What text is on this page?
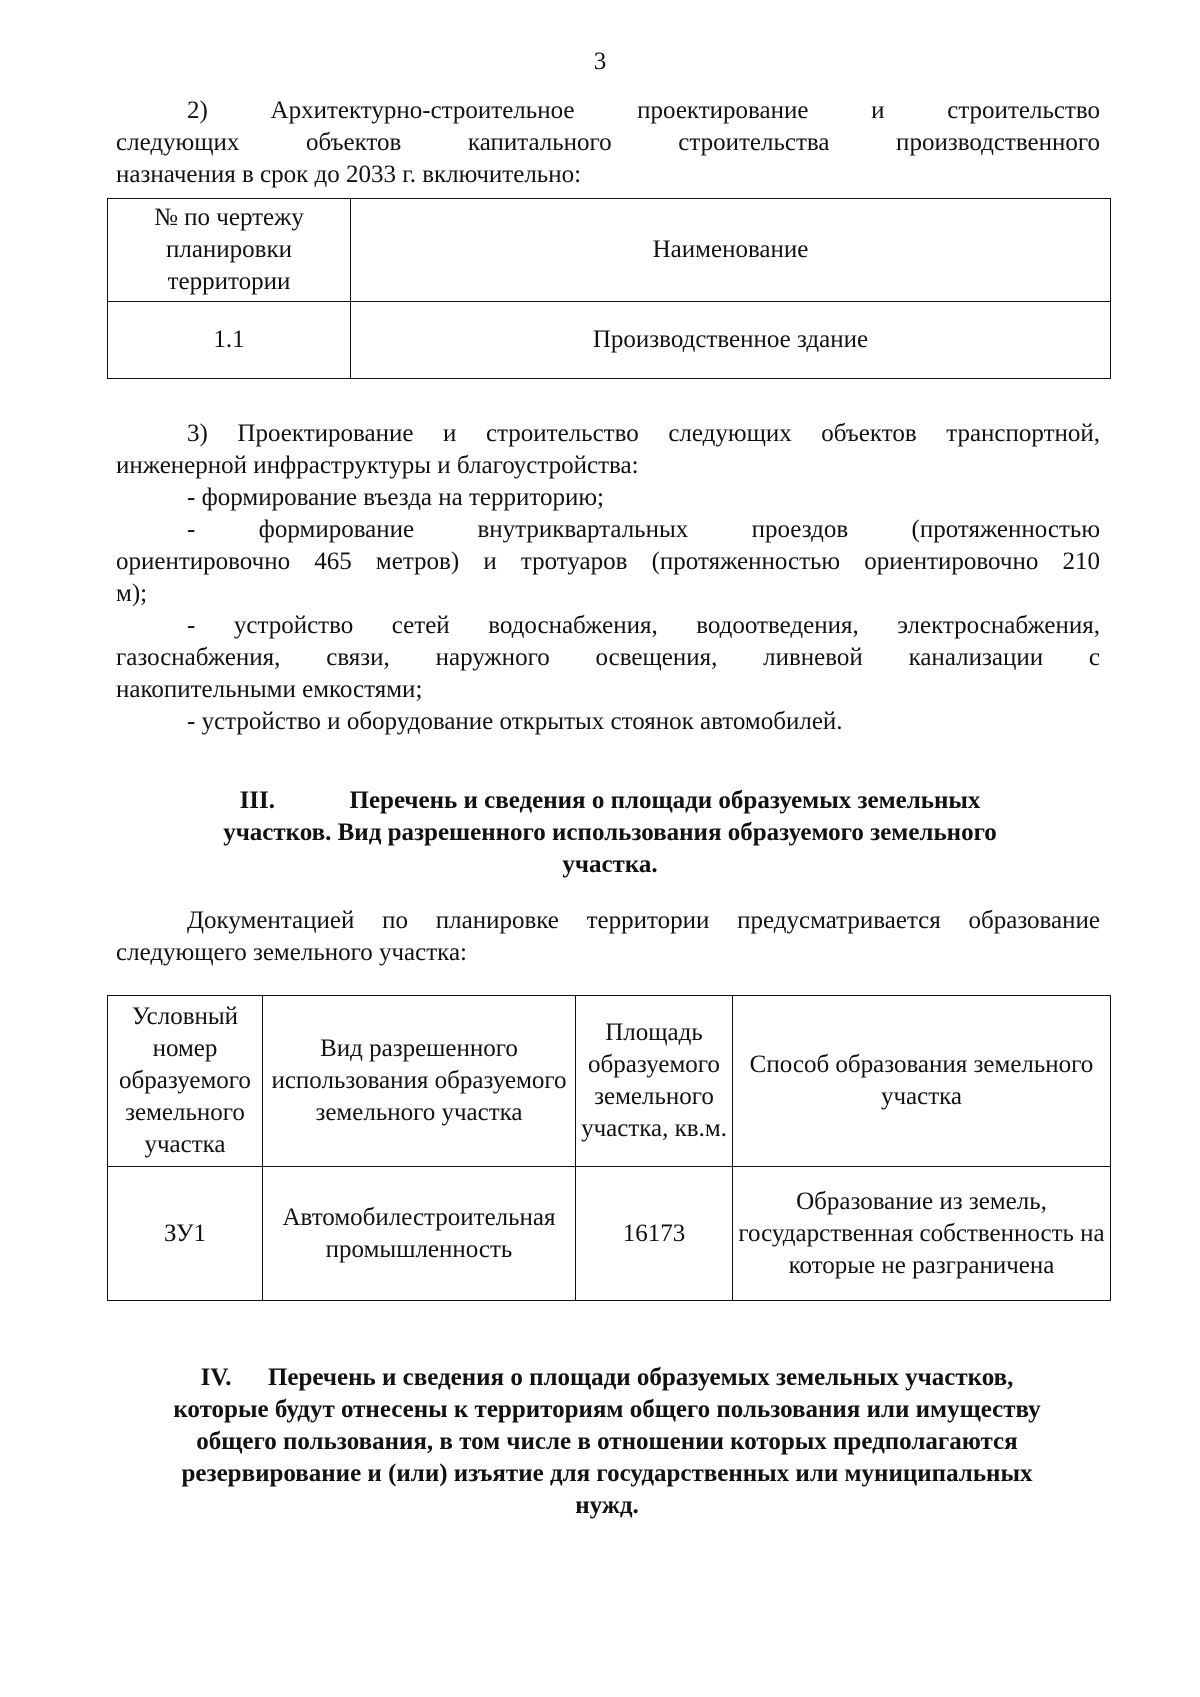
3
2) Архитектурно-строительное проектирование и строительство
следующих объектов капитального строительства производственного
назначения в срок до 2033 г. включительно:
№ по чертежу планировки территории	Наименование
1.1	Производственное здание
3) Проектирование и строительство следующих объектов транспортной,
инженерной инфраструктуры и благоустройства:
- формирование въезда на территорию;
- формирование внутриквартальных проездов (протяженностью
ориентировочно 465 метров) и тротуаров (протяженностью ориентировочно 210
м);
- устройство сетей водоснабжения, водоотведения, электроснабжения,
газоснабжения, связи, наружного освещения, ливневой канализации с
накопительными емкостями;
- устройство и оборудование открытых стоянок автомобилей.
III.	Перечень и сведения о площади образуемых земельных
участков. Вид разрешенного использования образуемого земельного
участка.
Документацией по планировке территории предусматривается образование
следующего земельного участка:
Условный номер образуемого земельного участка	Вид разрешенного использования образуемого земельного участка	Площадь образуемого земельного участка, кв.м.	Способ образования земельного участка
ЗУ1	Автомобилестроительная промышленность	16173	Образование из земель, государственная собственность на которые не разграничена
IV. Перечень и сведения о площади образуемых земельных участков,
которые будут отнесены к территориям общего пользования или имуществу
общего пользования, в том числе в отношении которых предполагаются
резервирование и (или) изъятие для государственных или муниципальных
нужд.
